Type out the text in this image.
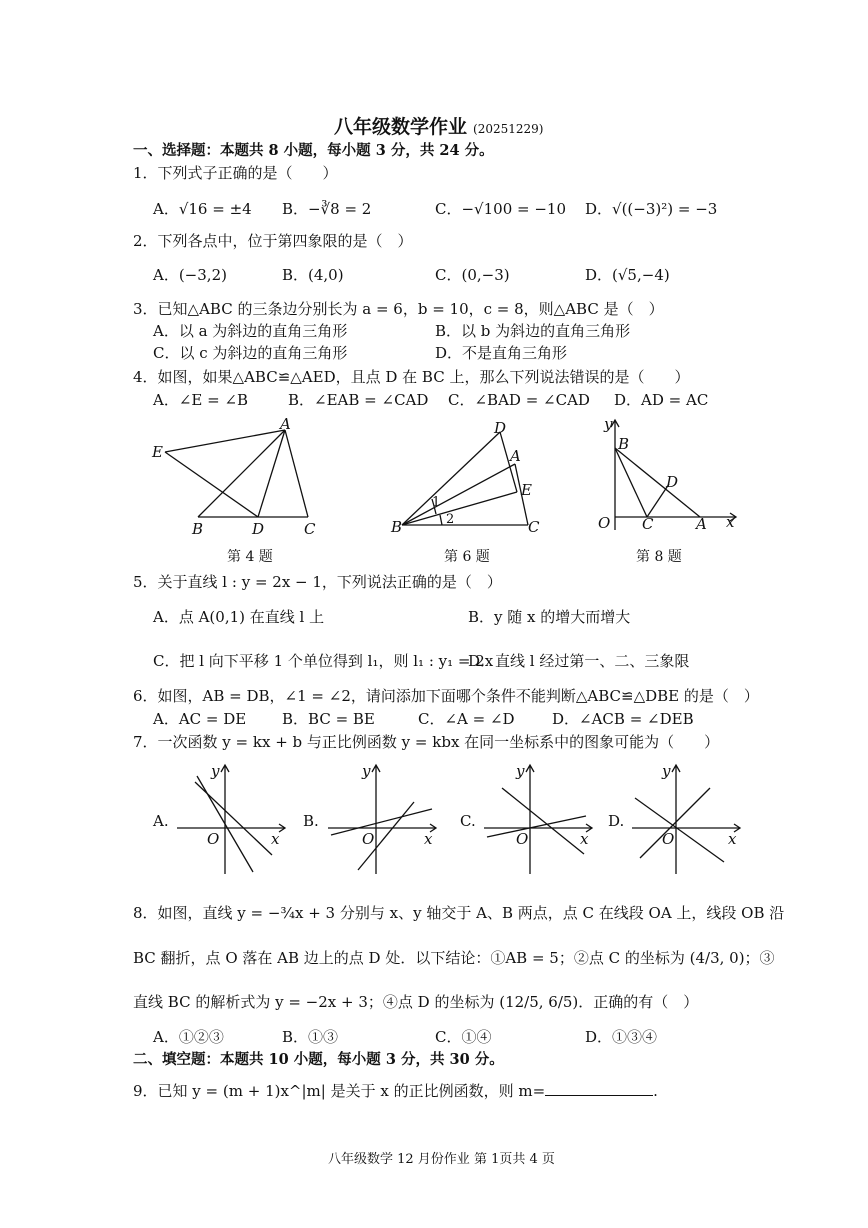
八年级数学作业 (20251229)
一、选择题：本题共 8 小题，每小题 3 分，共 24 分。
1．下列式子正确的是（　　）
A．√16 = ±4 B．−∛8 = 2	C．−√100 = −10 D．√((−3)²) = −3
2．下列各点中，位于第四象限的是（　）
A．(−3,2)	B．(4,0)	C．(0,−3)	D．(√5,−4)
3．已知△ABC 的三条边分别长为 a = 6，b = 10，c = 8，则△ABC 是（　）
A．以 a 为斜边的直角三角形	B．以 b 为斜边的直角三角形
C．以 c 为斜边的直角三角形	D．不是直角三角形
4．如图，如果△ABC≌△AED，且点 D 在 BC 上，那么下列说法错误的是（　　）
A．∠E = ∠B	B．∠EAB = ∠CAD C．∠BAD = ∠CAD D．AD = AC
E
A
B	D	C
第 4 题
D
A
E
B	C
1
2
第 6 题
y
B
D
O C	A x
第 8 题
5．关于直线 l : y = 2x − 1，下列说法正确的是（　）
A．点 A(0,1) 在直线 l 上	B．y 随 x 的增大而增大
C．把 l 向下平移 1 个单位得到 l₁，则 l₁ : y₁ = 2x
D．直线 l 经过第一、二、三象限
6．如图，AB = DB，∠1 = ∠2，请问添加下面哪个条件不能判断△ABC≌△DBE 的是（　）
A．AC = DE B．BC = BE	C．∠A = ∠D D．∠ACB = ∠DEB
7．一次函数 y = kx + b 与正比例函数 y = kbx 在同一坐标系中的图象可能为（　　）
A.
y
O	x
B.
y
O	x
C.
y
O	x
D.
y
O	x
8．如图，直线 y = −¾x + 3 分别与 x、y 轴交于 A、B 两点，点 C 在线段 OA 上，线段 OB 沿
BC 翻折，点 O 落在 AB 边上的点 D 处．以下结论：①AB = 5；②点 C 的坐标为 (4/3, 0)；③
直线 BC 的解析式为 y = −2x + 3；④点 D 的坐标为 (12/5, 6/5)．正确的有（　）
A．①②③	B．①③	C．①④	D．①③④
二、填空题：本题共 10 小题，每小题 3 分，共 30 分。
9．已知 y = (m + 1)x^|m| 是关于 x 的正比例函数，则 m=	.
八年级数学 12 月份作业 第 1页共 4 页
